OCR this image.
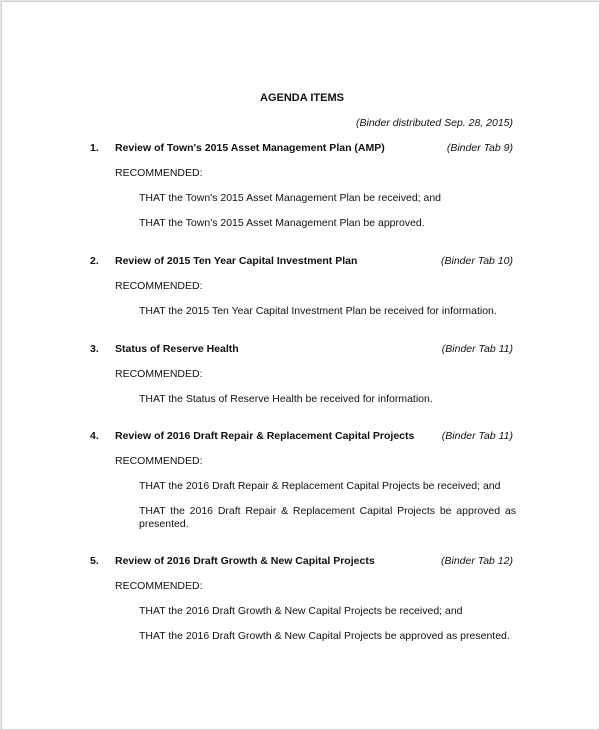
AGENDA ITEMS
(Binder distributed Sep. 28, 2015)
1. Review of Town's 2015 Asset Management Plan (AMP)	(Binder Tab 9)
RECOMMENDED:
THAT the Town's 2015 Asset Management Plan be received; and
THAT the Town's 2015 Asset Management Plan be approved.
2. Review of 2015 Ten Year Capital Investment Plan	(Binder Tab 10)
RECOMMENDED:
THAT the 2015 Ten Year Capital Investment Plan be received for information.
3. Status of Reserve Health	(Binder Tab 11)
RECOMMENDED:
THAT the Status of Reserve Health be received for information.
4. Review of 2016 Draft Repair & Replacement Capital Projects	(Binder Tab 11)
RECOMMENDED:
THAT the 2016 Draft Repair & Replacement Capital Projects be received; and
THAT the 2016 Draft Repair & Replacement Capital Projects be approved as presented.
5. Review of 2016 Draft Growth & New Capital Projects	(Binder Tab 12)
RECOMMENDED:
THAT the 2016 Draft Growth & New Capital Projects be received; and
THAT the 2016 Draft Growth & New Capital Projects be approved as presented.
